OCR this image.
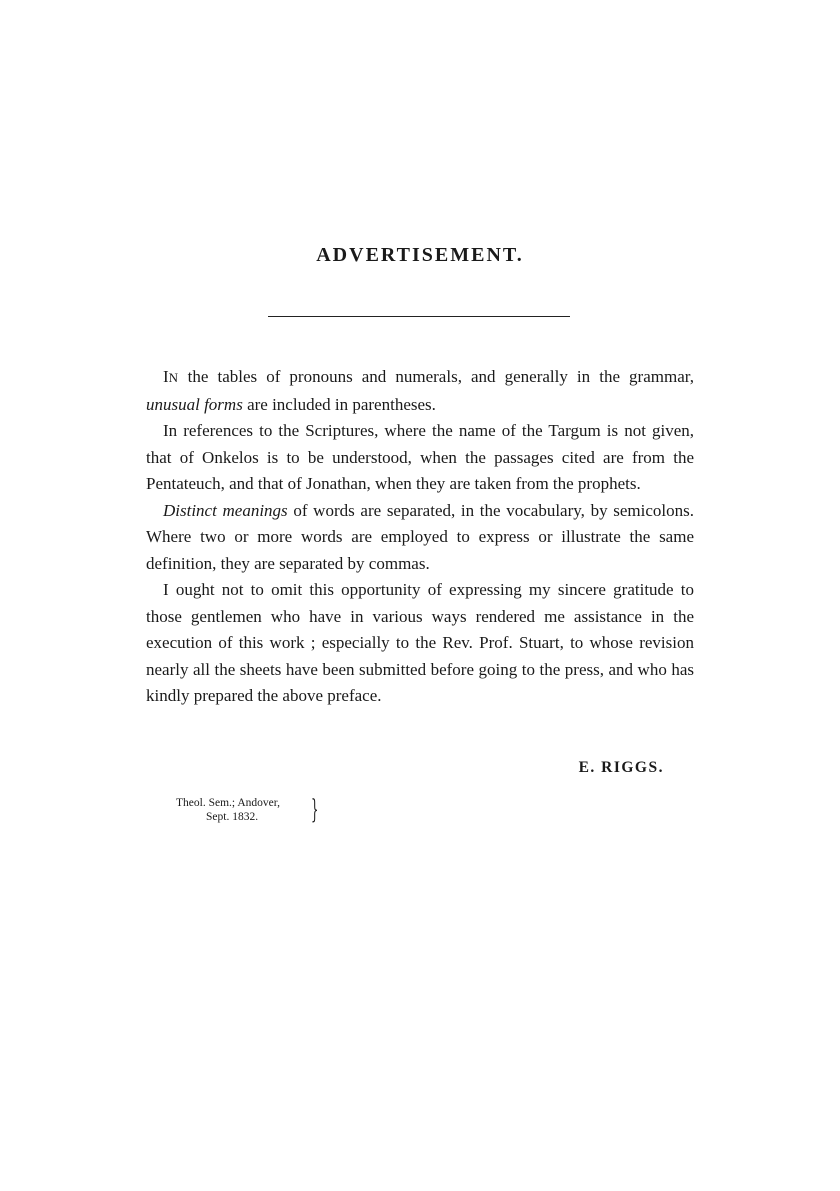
ADVERTISEMENT.

IN the tables of pronouns and numerals, and generally in the grammar, unusual forms are included in parentheses.

In references to the Scriptures, where the name of the Targum is not given, that of Onkelos is to be understood, when the passages cited are from the Pentateuch, and that of Jonathan, when they are taken from the prophets.

Distinct meanings of words are separated, in the vocabulary, by semicolons. Where two or more words are employed to express or illustrate the same definition, they are separated by commas.

I ought not to omit this opportunity of expressing my sincere gratitude to those gentlemen who have in various ways rendered me assistance in the execution of this work ; especially to the Rev. Prof. Stuart, to whose revision nearly all the sheets have been submitted before going to the press, and who has kindly prepared the above preface.

E. RIGGS.
Theol. Sem.; Andover,
Sept. 1832.	}
